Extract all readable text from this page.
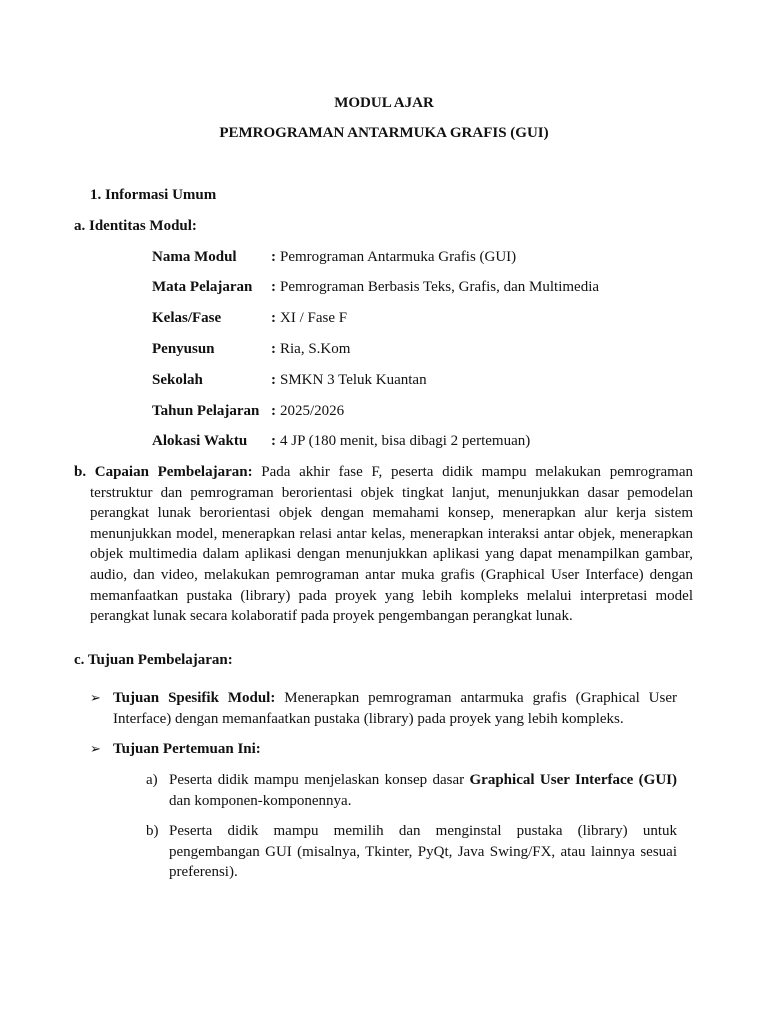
MODUL AJAR
PEMROGRAMAN ANTARMUKA GRAFIS (GUI)
1. Informasi Umum
a. Identitas Modul:
Nama Modul : Pemrograman Antarmuka Grafis (GUI)
Mata Pelajaran : Pemrograman Berbasis Teks, Grafis, dan Multimedia
Kelas/Fase	: XI / Fase F
Penyusun	: Ria, S.Kom
Sekolah	: SMKN 3 Teluk Kuantan
Tahun Pelajaran : 2025/2026
Alokasi Waktu : 4 JP (180 menit, bisa dibagi 2 pertemuan)
b. Capaian Pembelajaran: Pada akhir fase F, peserta didik mampu melakukan pemrograman terstruktur dan pemrograman berorientasi objek tingkat lanjut, menunjukkan dasar pemodelan perangkat lunak berorientasi objek dengan memahami konsep, menerapkan alur kerja sistem menunjukkan model, menerapkan relasi antar kelas, menerapkan interaksi antar objek, menerapkan objek multimedia dalam aplikasi dengan menunjukkan aplikasi yang dapat menampilkan gambar, audio, dan video, melakukan pemrograman antar muka grafis (Graphical User Interface) dengan memanfaatkan pustaka (library) pada proyek yang lebih kompleks melalui interpretasi model perangkat lunak secara kolaboratif pada proyek pengembangan perangkat lunak.
c. Tujuan Pembelajaran:
➢ Tujuan Spesifik Modul: Menerapkan pemrograman antarmuka grafis (Graphical User Interface) dengan memanfaatkan pustaka (library) pada proyek yang lebih kompleks.
➢ Tujuan Pertemuan Ini:
a) Peserta didik mampu menjelaskan konsep dasar Graphical User Interface (GUI) dan komponen-komponennya.
b) Peserta didik mampu memilih dan menginstal pustaka (library) untuk pengembangan GUI (misalnya, Tkinter, PyQt, Java Swing/FX, atau lainnya sesuai preferensi).
